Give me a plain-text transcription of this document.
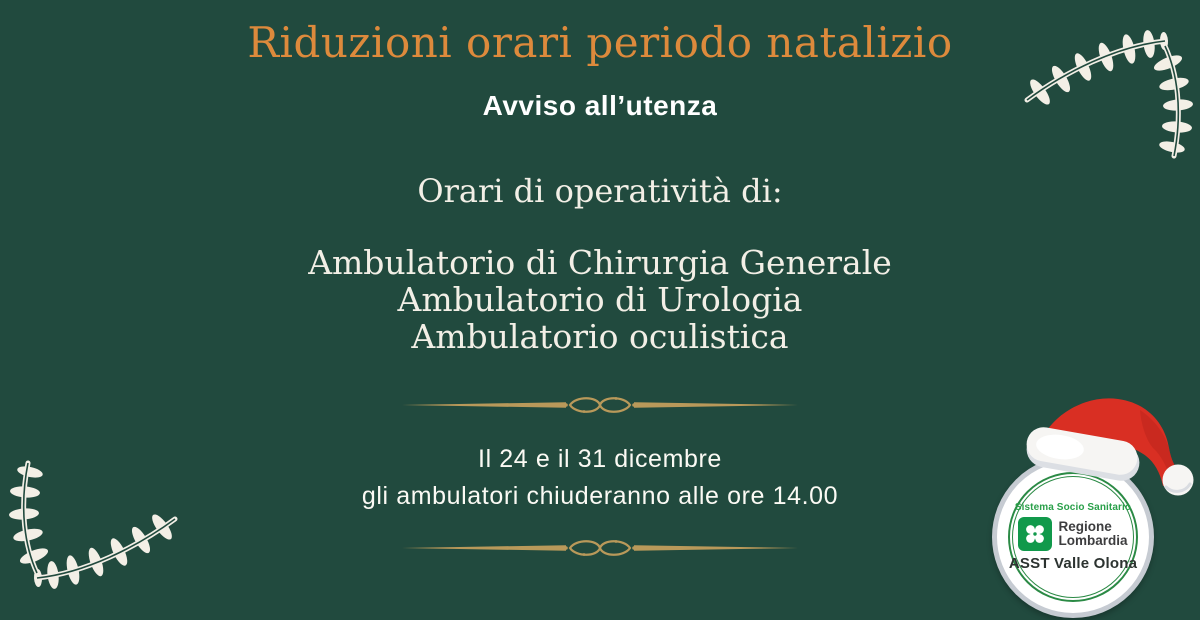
Riduzioni orari periodo natalizio
Avviso all’utenza

Orari di operatività di:

Ambulatorio di Chirurgia Generale
Ambulatorio di Urologia
Ambulatorio oculistica

Il 24 e il 31 dicembre

gli ambulatori chiuderanno alle ore 14.00	Sistema Socio Sanitario
Regione
Lombardia
ASST Valle Olona
